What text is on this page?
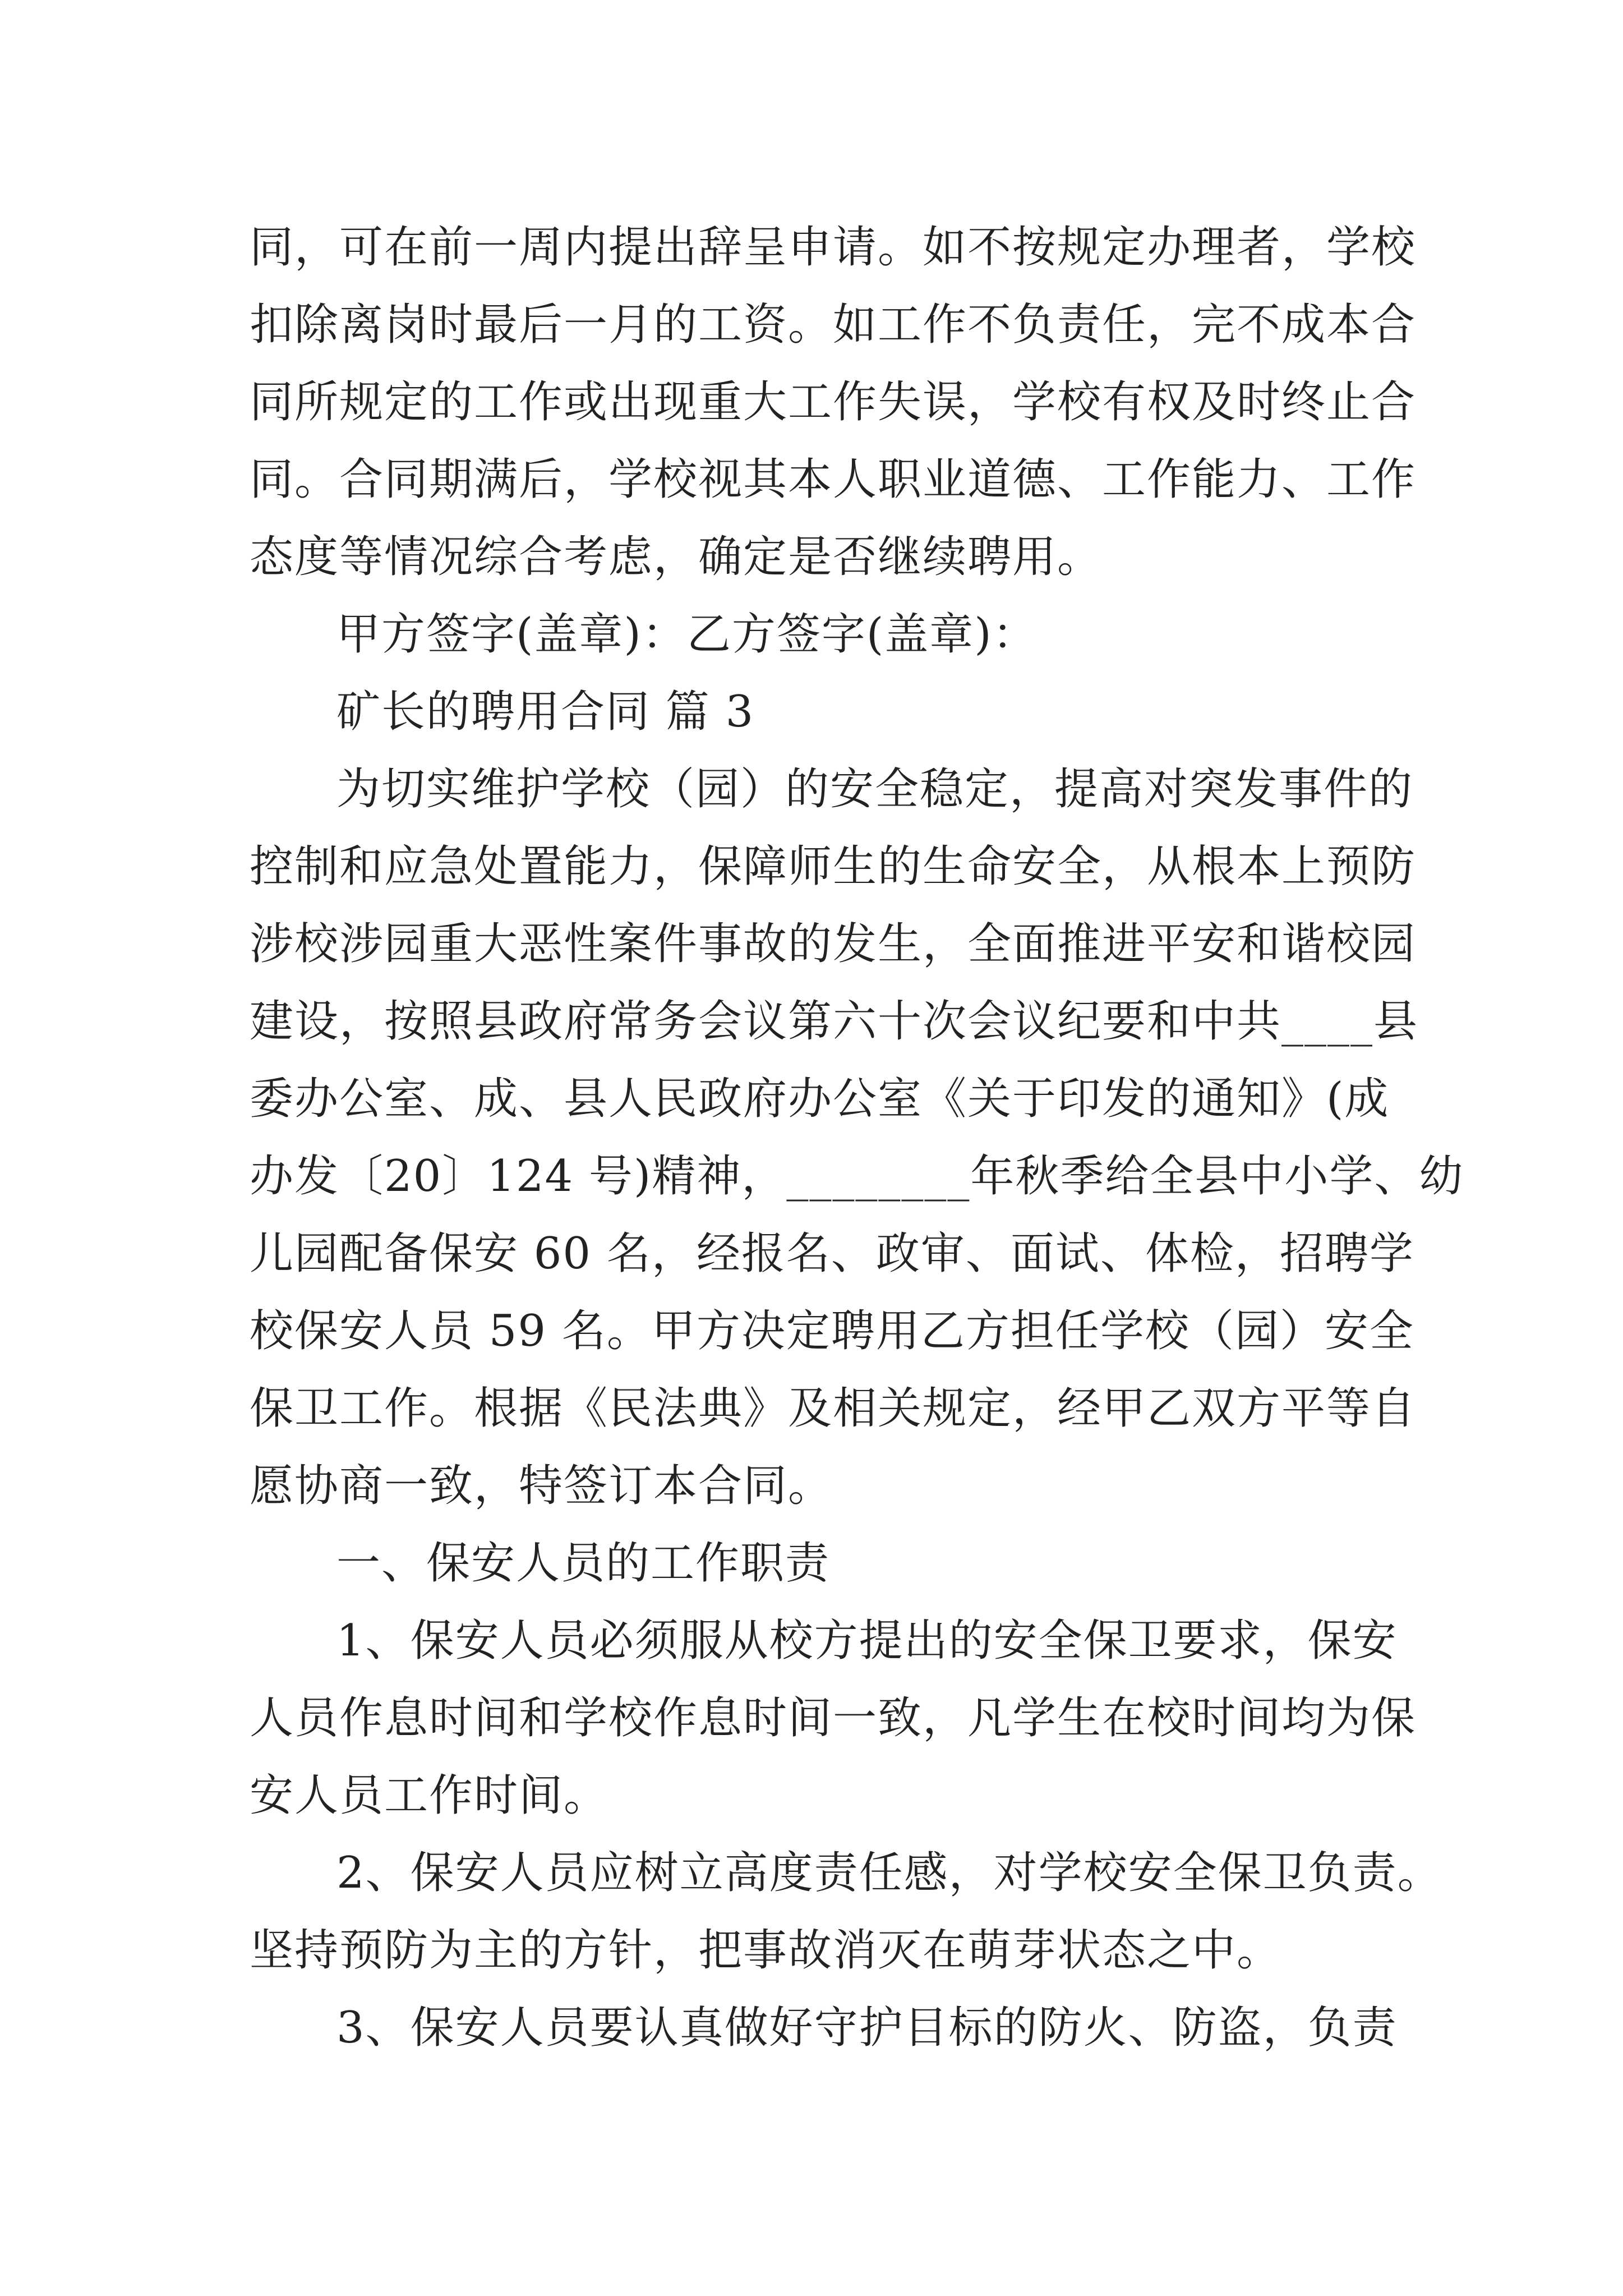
同，可在前一周内提出辞呈申请。如不按规定办理者，学校
扣除离岗时最后一月的工资。如工作不负责任，完不成本合
同所规定的工作或出现重大工作失误，学校有权及时终止合
同。合同期满后，学校视其本人职业道德、工作能力、工作
态度等情况综合考虑，确定是否继续聘用。
甲方签字(盖章)：乙方签字(盖章)：
矿长的聘用合同 篇 3
为切实维护学校（园）的安全稳定，提高对突发事件的
控制和应急处置能力，保障师生的生命安全，从根本上预防
涉校涉园重大恶性案件事故的发生，全面推进平安和谐校园
建设，按照县政府常务会议第六十次会议纪要和中共____县
委办公室、成、县人民政府办公室《关于印发的通知》(成
办发〔20〕124 号)精神，________年秋季给全县中小学、幼
儿园配备保安 60 名，经报名、政审、面试、体检，招聘学
校保安人员 59 名。甲方决定聘用乙方担任学校（园）安全
保卫工作。根据《民法典》及相关规定，经甲乙双方平等自
愿协商一致，特签订本合同。
一、保安人员的工作职责
1、保安人员必须服从校方提出的安全保卫要求，保安
人员作息时间和学校作息时间一致，凡学生在校时间均为保
安人员工作时间。
2、保安人员应树立高度责任感，对学校安全保卫负责。
坚持预防为主的方针，把事故消灭在萌芽状态之中。
3、保安人员要认真做好守护目标的防火、防盗，负责
